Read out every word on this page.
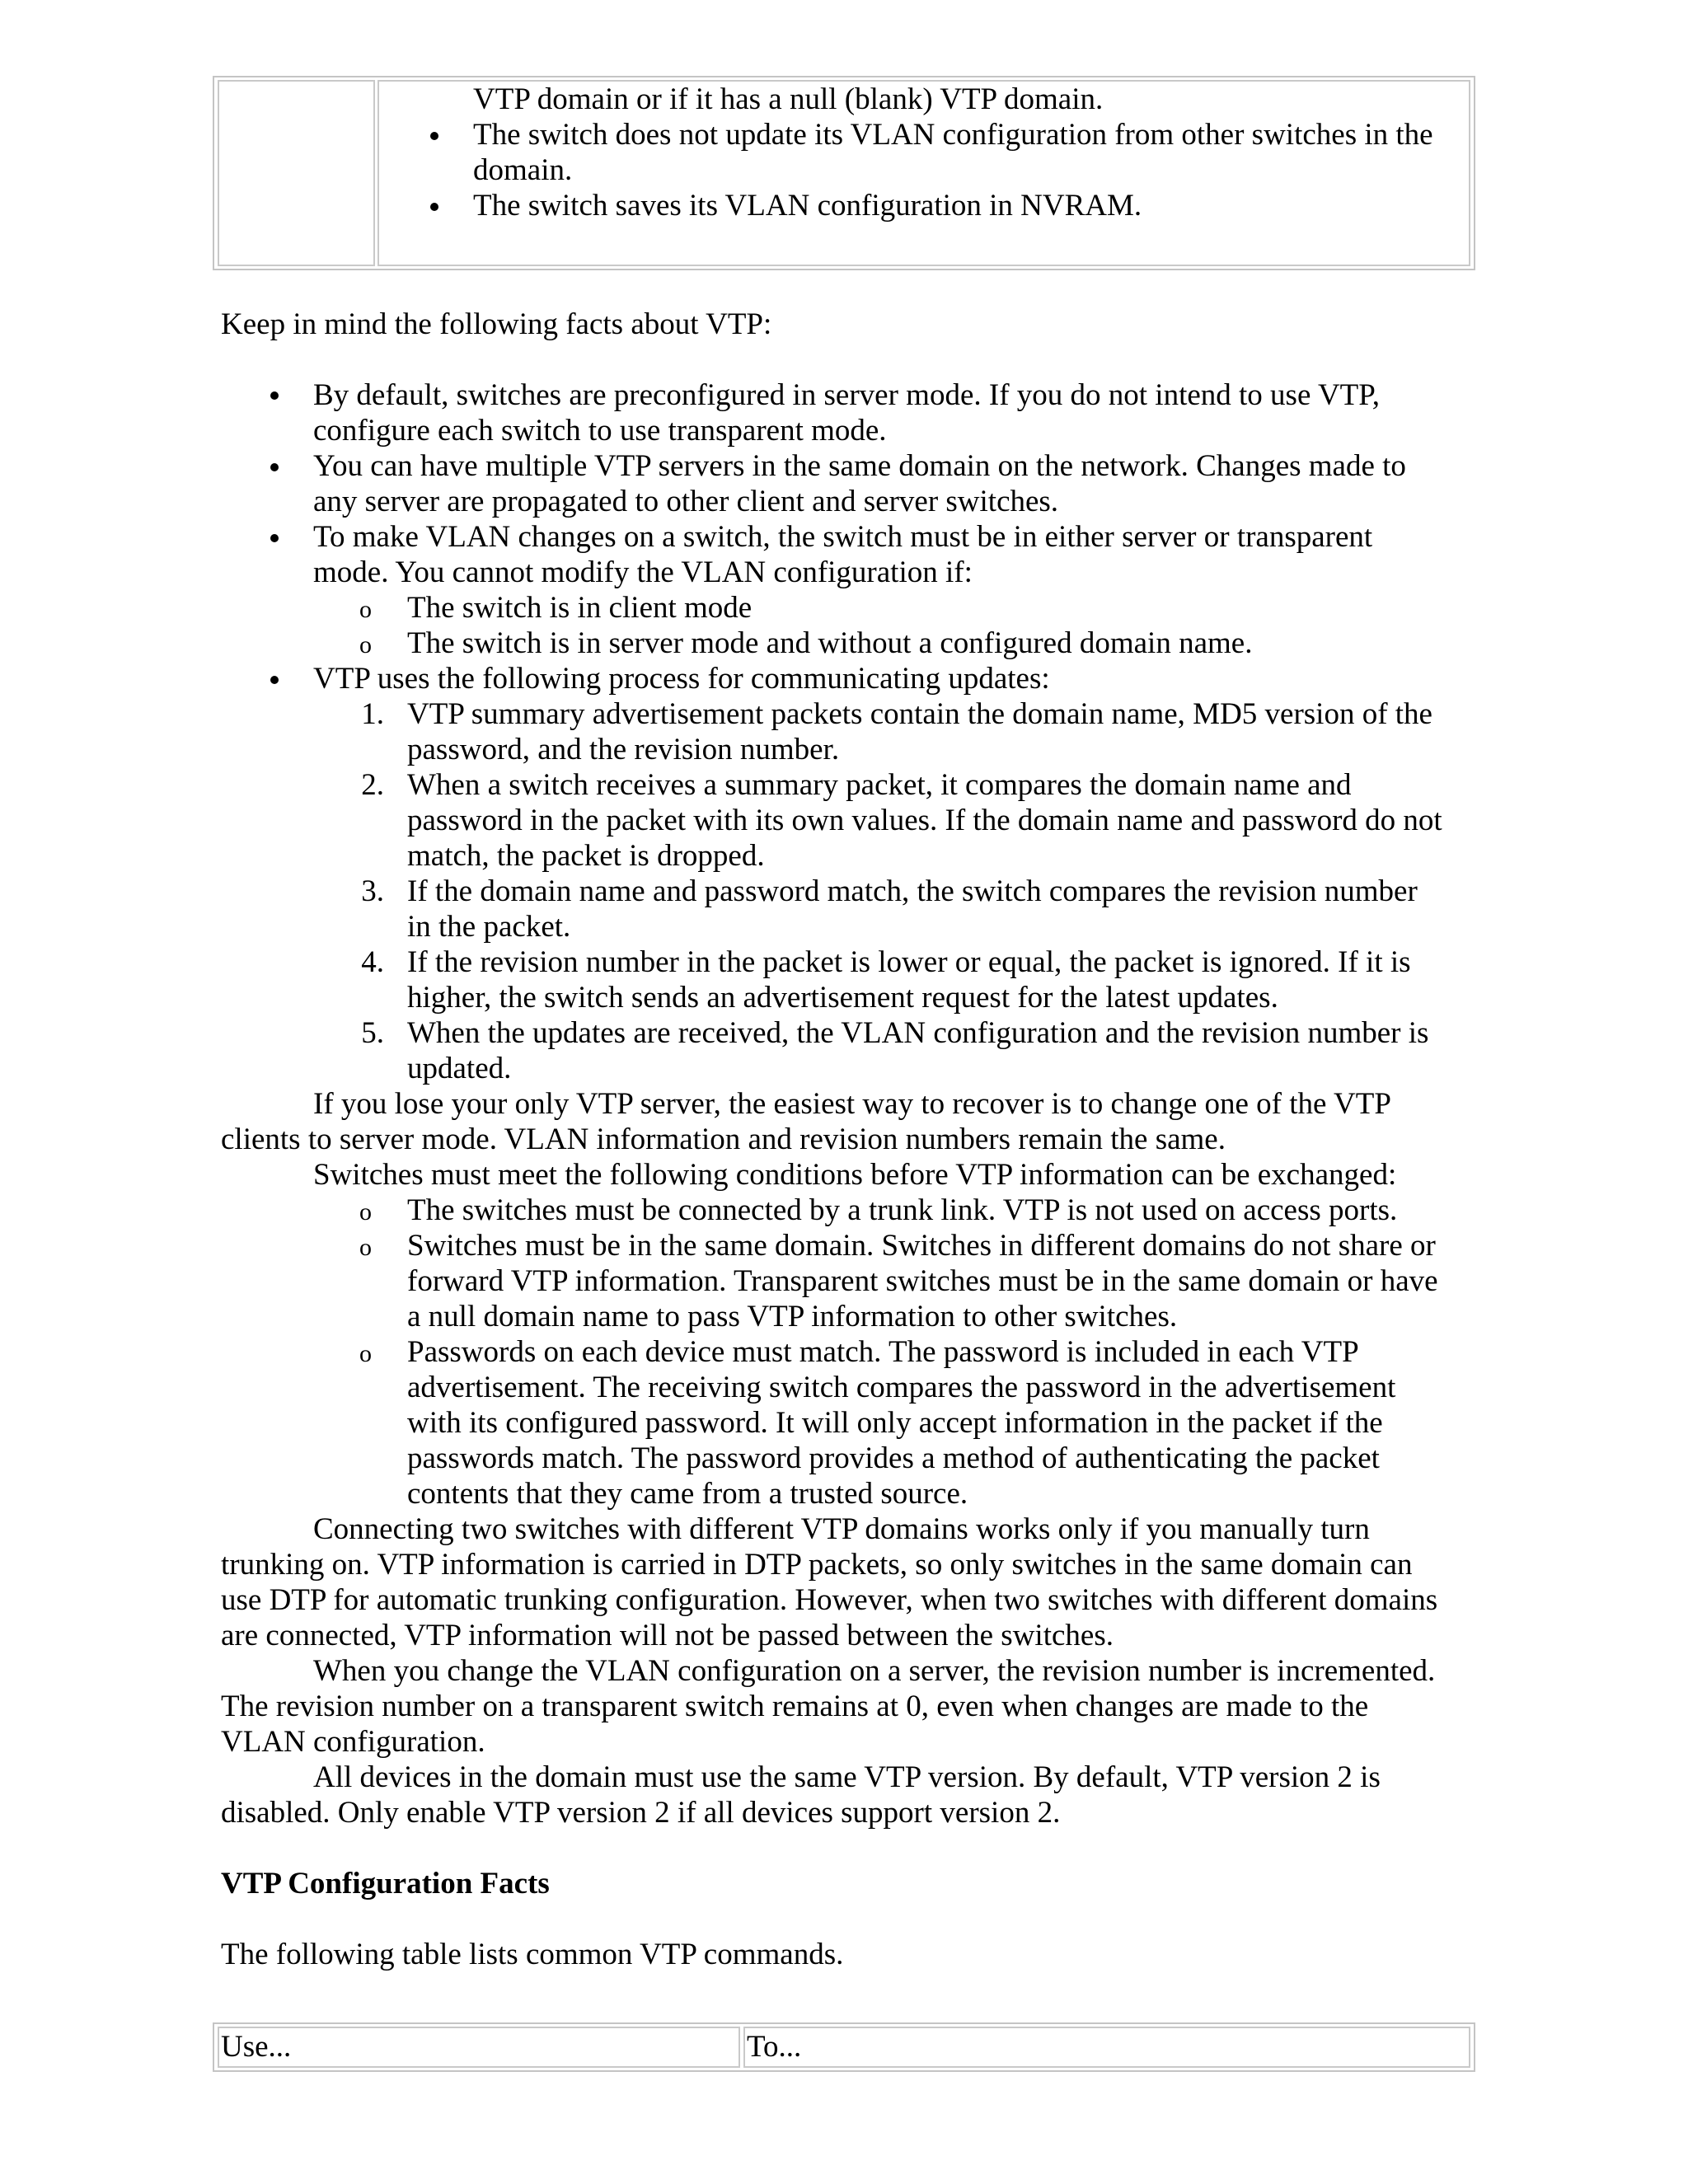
VTP domain or if it has a null (blank) VTP domain.
The switch does not update its VLAN configuration from other switches in the
domain.
The switch saves its VLAN configuration in NVRAM.
Keep in mind the following facts about VTP:
By default, switches are preconfigured in server mode. If you do not intend to use VTP,
configure each switch to use transparent mode.
You can have multiple VTP servers in the same domain on the network. Changes made to
any server are propagated to other client and server switches.
To make VLAN changes on a switch, the switch must be in either server or transparent
mode. You cannot modify the VLAN configuration if:
o The switch is in client mode
o The switch is in server mode and without a configured domain name.
VTP uses the following process for communicating updates:
1. VTP summary advertisement packets contain the domain name, MD5 version of the
password, and the revision number.
2. When a switch receives a summary packet, it compares the domain name and
password in the packet with its own values. If the domain name and password do not
match, the packet is dropped.
3. If the domain name and password match, the switch compares the revision number
in the packet.
4. If the revision number in the packet is lower or equal, the packet is ignored. If it is
higher, the switch sends an advertisement request for the latest updates.
5. When the updates are received, the VLAN configuration and the revision number is
updated.
If you lose your only VTP server, the easiest way to recover is to change one of the VTP
clients to server mode. VLAN information and revision numbers remain the same.
Switches must meet the following conditions before VTP information can be exchanged:
o The switches must be connected by a trunk link. VTP is not used on access ports.
o Switches must be in the same domain. Switches in different domains do not share or
forward VTP information. Transparent switches must be in the same domain or have
a null domain name to pass VTP information to other switches.
o Passwords on each device must match. The password is included in each VTP
advertisement. The receiving switch compares the password in the advertisement
with its configured password. It will only accept information in the packet if the
passwords match. The password provides a method of authenticating the packet
contents that they came from a trusted source.
Connecting two switches with different VTP domains works only if you manually turn
trunking on. VTP information is carried in DTP packets, so only switches in the same domain can
use DTP for automatic trunking configuration. However, when two switches with different domains
are connected, VTP information will not be passed between the switches.
When you change the VLAN configuration on a server, the revision number is incremented.
The revision number on a transparent switch remains at 0, even when changes are made to the
VLAN configuration.
All devices in the domain must use the same VTP version. By default, VTP version 2 is
disabled. Only enable VTP version 2 if all devices support version 2.
VTP Configuration Facts
The following table lists common VTP commands.
Use...	To...
